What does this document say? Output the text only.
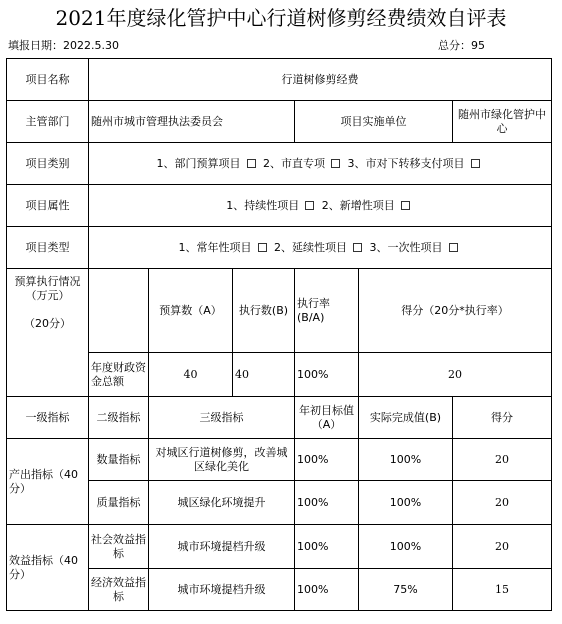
2021年度绿化管护中心行道树修剪经费绩效自评表
填报日期：2022.5.30	总分：95
项目名称	行道树修剪经费					
主管部门	随州市城市管理执法委员会			项目实施单位		随州市绿化管护中心
项目类别	1、部门预算项目 2、市直专项 3、市对下转移支付项目					
项目属性	1、持续性项目 2、新增性项目					
项目类型	1、常年性项目 2、延续性项目 3、一次性项目					

预算执行情况（万元）
（20分）		预算数（A）	执行数(B)	执行率(B/A)	得分（20分*执行率）	
	年度财政资金总额	40	40	100%	20	
一级指标	二级指标	三级指标		年初目标值（A）	实际完成值(B)	得分
产出指标（40分）	数量指标	对城区行道树修剪，改善城区绿化美化		100%	100%	20
	质量指标	城区绿化环境提升		100%	100%	20
效益指标（40分）	社会效益指标	城市环境提档升级		100%	100%	20
	经济效益指标	城市环境提档升级		100%	75%	15
